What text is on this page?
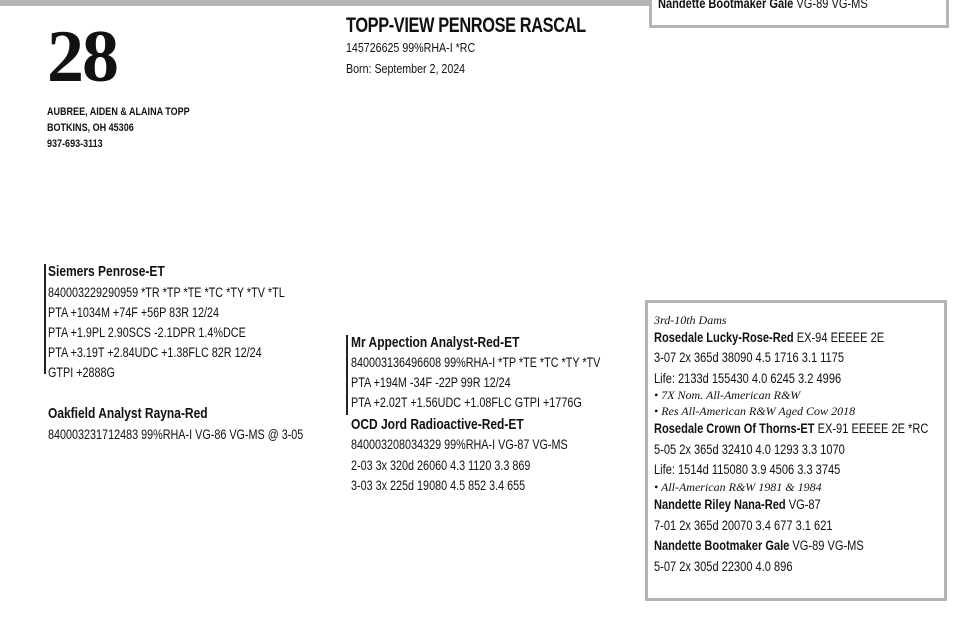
Nandette Bootmaker Gale VG-89 VG-MS
28
AUBREE, AIDEN & ALAINA TOPP
BOTKINS, OH 45306
937-693-3113
TOPP-VIEW PENROSE RASCAL
145726625 99%RHA-I *RC
Born: September 2, 2024
Siemers Penrose-ET
840003229290959 *TR *TP *TE *TC *TY *TV *TL
PTA +1034M +74F +56P 83R 12/24
PTA +1.9PL 2.90SCS -2.1DPR 1.4%DCE
PTA +3.19T +2.84UDC +1.38FLC 82R 12/24
GTPI +2888G
Oakfield Analyst Rayna-Red
840003231712483 99%RHA-I VG-86 VG-MS @ 3-05
Mr Appection Analyst-Red-ET
840003136496608 99%RHA-I *TP *TE *TC *TY *TV
PTA +194M -34F -22P 99R 12/24
PTA +2.02T +1.56UDC +1.08FLC GTPI +1776G
OCD Jord Radioactive-Red-ET
840003208034329 99%RHA-I VG-87 VG-MS
2-03 3x 320d 26060 4.3 1120 3.3 869
3-03 3x 225d 19080 4.5 852 3.4 655
3rd-10th Dams
Rosedale Lucky-Rose-Red EX-94 EEEEE 2E
3-07 2x 365d 38090 4.5 1716 3.1 1175
Life: 2133d 155430 4.0 6245 3.2 4996
• 7X Nom. All-American R&W
• Res All-American R&W Aged Cow 2018
Rosedale Crown Of Thorns-ET EX-91 EEEEE 2E *RC
5-05 2x 365d 32410 4.0 1293 3.3 1070
Life: 1514d 115080 3.9 4506 3.3 3745
• All-American R&W 1981 & 1984
Nandette Riley Nana-Red VG-87
7-01 2x 365d 20070 3.4 677 3.1 621
Nandette Bootmaker Gale VG-89 VG-MS
5-07 2x 305d 22300 4.0 896
